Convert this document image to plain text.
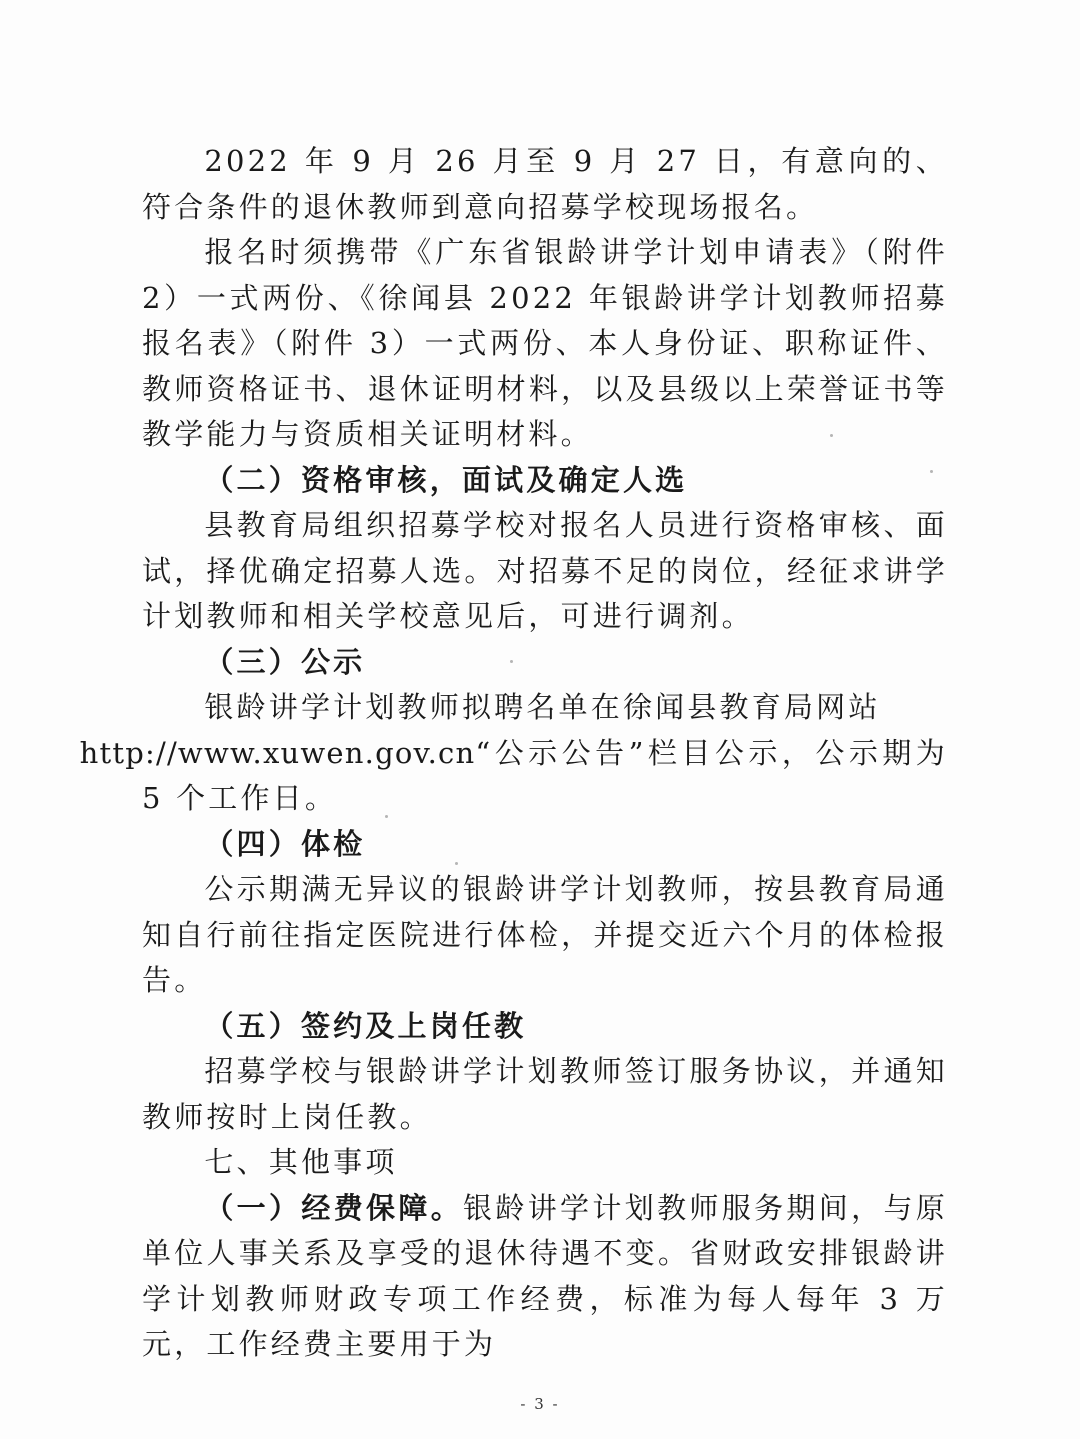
2022 年 9 月 26 月至 9 月 27 日，有意向的、符合条件的退休教师到意向招募学校现场报名。

报名时须携带《广东省银龄讲学计划申请表》（附件 2）一式两份、《徐闻县 2022 年银龄讲学计划教师招募报名表》（附件 3）一式两份、本人身份证、职称证件、教师资格证书、退休证明材料，以及县级以上荣誉证书等教学能力与资质相关证明材料。

（二）资格审核，面试及确定人选

县教育局组织招募学校对报名人员进行资格审核、面试，择优确定招募人选。对招募不足的岗位，经征求讲学计划教师和相关学校意见后，可进行调剂。

（三）公示

银龄讲学计划教师拟聘名单在徐闻县教育局网站
http://www.xuwen.gov.cn“公示公告”栏目公示，公示期为 5 个工作日。

（四）体检

公示期满无异议的银龄讲学计划教师，按县教育局通知自行前往指定医院进行体检，并提交近六个月的体检报告。

（五）签约及上岗任教

招募学校与银龄讲学计划教师签订服务协议，并通知教师按时上岗任教。

七、其他事项

（一）经费保障。银龄讲学计划教师服务期间，与原单位人事关系及享受的退休待遇不变。省财政安排银龄讲学计划教师财政专项工作经费，标准为每人每年 3 万元，工作经费主要用于为

- 3 -
